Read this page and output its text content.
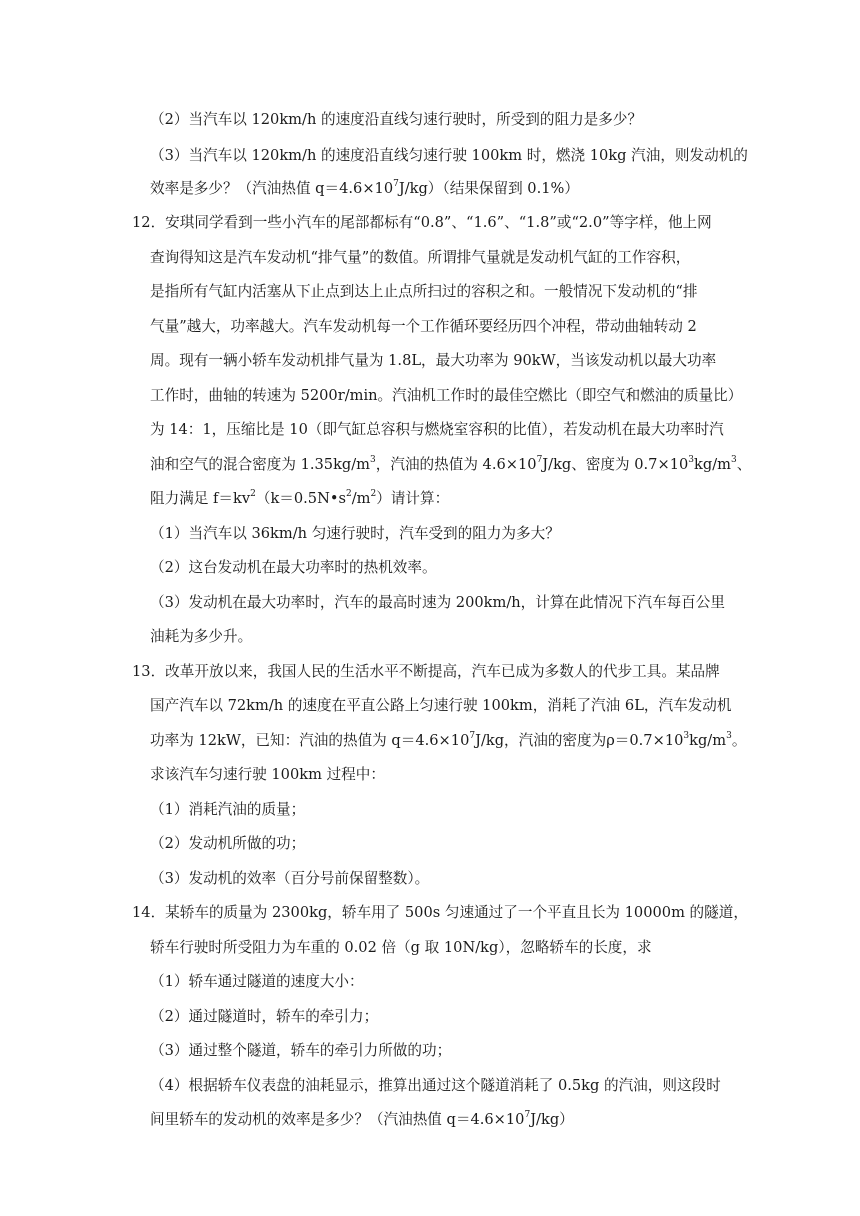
（2）当汽车以 120km/h 的速度沿直线匀速行驶时，所受到的阻力是多少？
（3）当汽车以 120km/h 的速度沿直线匀速行驶 100km 时，燃浇 10kg 汽油，则发动机的
效率是多少？（汽油热值 $q=4.6\times 10^7J/kg$）（结果保留到 0.1%）
12．安琪同学看到一些小汽车的尾部都标有“0.8”、“1.6”、“1.8”或“2.0”等字样，他上网
查询得知这是汽车发动机“排气量”的数值。所谓排气量就是发动机气缸的工作容积，
是指所有气缸内活塞从下止点到达上止点所扫过的容积之和。一般情况下发动机的“排
气量”越大，功率越大。汽车发动机每一个工作循环要经历四个冲程，带动曲轴转动 2
周。现有一辆小轿车发动机排气量为 1.8L，最大功率为 90kW，当该发动机以最大功率
工作时，曲轴的转速为 5200r/min。汽油机工作时的最佳空燃比（即空气和燃油的质量比）
为 14：1，压缩比是 10（即气缸总容积与燃烧室容积的比值），若发动机在最大功率时汽
油和空气的混合密度为 $1.35kg/m^3$，汽油的热值为 $4.6\times 10^7J/kg$、密度为 $0.7\times 10^3kg/m^3$、
阻力满足 $f=kv^2(k=0.5N•s^2/m^2)$请计算：
（1）当汽车以 36km/h 匀速行驶时，汽车受到的阻力为多大？
（2）这台发动机在最大功率时的热机效率。
（3）发动机在最大功率时，汽车的最高时速为 200km/h，计算在此情况下汽车每百公里
油耗为多少升。
13．改革开放以来，我国人民的生活水平不断提高，汽车已成为多数人的代步工具。某品牌
国产汽车以 72km/h 的速度在平直公路上匀速行驶 100km，消耗了汽油 6L，汽车发动机
功率为 12kW，已知：汽油的热值为 $q=4.6\times 10^7J/kg$，汽油的密度为$\rho=0.7\times 10^3kg/m^3$。
求该汽车匀速行驶 100km 过程中：
（1）消耗汽油的质量；
（2）发动机所做的功；
（3）发动机的效率（百分号前保留整数）。
14．某轿车的质量为 2300kg，轿车用了 500s 匀速通过了一个平直且长为 10000m 的隧道，
轿车行驶时所受阻力为车重的 0.02 倍（g 取 10N/kg），忽略轿车的长度，求
（1）轿车通过隧道的速度大小：
（2）通过隧道时，轿车的牵引力；
（3）通过整个隧道，轿车的牵引力所做的功；
（4）根据轿车仪表盘的油耗显示，推算出通过这个隧道消耗了 0.5kg 的汽油，则这段时
间里轿车的发动机的效率是多少？（汽油热值 $q=4.6\times 10^7J/kg$）
